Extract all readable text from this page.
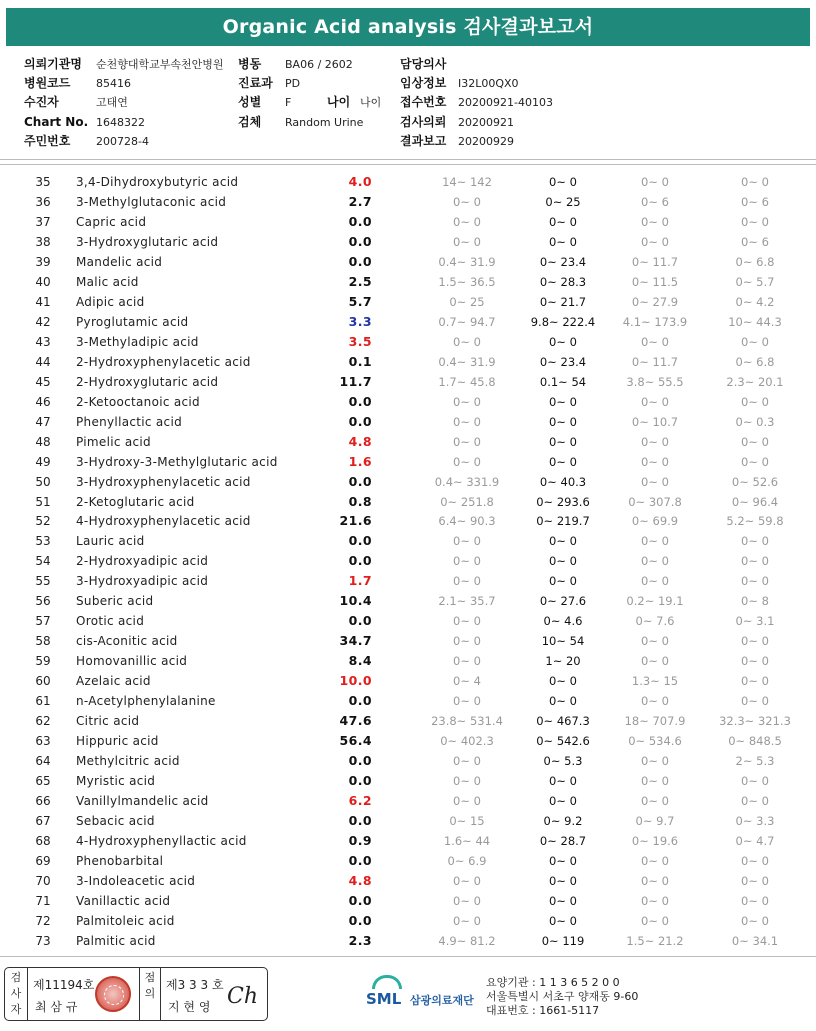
Organic Acid analysis 검사결과보고서
의뢰기관명 순천향대학교부속천안병원
병원코드 85416
수진자	고태연
Chart No. 1648322
주민번호 200728-4
병동 BA06 / 2602
진료과 PD
성별 F	나이 나이
검체 Random Urine
담당의사
임상정보 I32L00QX0
접수번호 20200921-40103
검사의뢰 20200921
결과보고 20200929
35	3,4-Dihydroxybutyric acid	4.0	14~ 142	0~ 0	0~ 0	0~ 0
36	3-Methylglutaconic acid	2.7	0~ 0	0~ 25	0~ 6	0~ 6
37	Capric acid	0.0	0~ 0	0~ 0	0~ 0	0~ 0
38	3-Hydroxyglutaric acid	0.0	0~ 0	0~ 0	0~ 0	0~ 6
39	Mandelic acid	0.0	0.4~ 31.9	0~ 23.4	0~ 11.7	0~ 6.8
40	Malic acid	2.5	1.5~ 36.5	0~ 28.3	0~ 11.5	0~ 5.7
41	Adipic acid	5.7	0~ 25	0~ 21.7	0~ 27.9	0~ 4.2
42	Pyroglutamic acid	3.3	0.7~ 94.7	9.8~ 222.4	4.1~ 173.9	10~ 44.3
43	3-Methyladipic acid	3.5	0~ 0	0~ 0	0~ 0	0~ 0
44	2-Hydroxyphenylacetic acid	0.1	0.4~ 31.9	0~ 23.4	0~ 11.7	0~ 6.8
45	2-Hydroxyglutaric acid	11.7	1.7~ 45.8	0.1~ 54	3.8~ 55.5	2.3~ 20.1
46	2-Ketooctanoic acid	0.0	0~ 0	0~ 0	0~ 0	0~ 0
47	Phenyllactic acid	0.0	0~ 0	0~ 0	0~ 10.7	0~ 0.3
48	Pimelic acid	4.8	0~ 0	0~ 0	0~ 0	0~ 0
49	3-Hydroxy-3-Methylglutaric acid	1.6	0~ 0	0~ 0	0~ 0	0~ 0
50	3-Hydroxyphenylacetic acid	0.0	0.4~ 331.9	0~ 40.3	0~ 0	0~ 52.6
51	2-Ketoglutaric acid	0.8	0~ 251.8	0~ 293.6	0~ 307.8	0~ 96.4
52	4-Hydroxyphenylacetic acid	21.6	6.4~ 90.3	0~ 219.7	0~ 69.9	5.2~ 59.8
53	Lauric acid	0.0	0~ 0	0~ 0	0~ 0	0~ 0
54	2-Hydroxyadipic acid	0.0	0~ 0	0~ 0	0~ 0	0~ 0
55	3-Hydroxyadipic acid	1.7	0~ 0	0~ 0	0~ 0	0~ 0
56	Suberic acid	10.4	2.1~ 35.7	0~ 27.6	0.2~ 19.1	0~ 8
57	Orotic acid	0.0	0~ 0	0~ 4.6	0~ 7.6	0~ 3.1
58	cis-Aconitic acid	34.7	0~ 0	10~ 54	0~ 0	0~ 0
59	Homovanillic acid	8.4	0~ 0	1~ 20	0~ 0	0~ 0
60	Azelaic acid	10.0	0~ 4	0~ 0	1.3~ 15	0~ 0
61	n-Acetylphenylalanine	0.0	0~ 0	0~ 0	0~ 0	0~ 0
62	Citric acid	47.6	23.8~ 531.4	0~ 467.3	18~ 707.9	32.3~ 321.3
63	Hippuric acid	56.4	0~ 402.3	0~ 542.6	0~ 534.6	0~ 848.5
64	Methylcitric acid	0.0	0~ 0	0~ 5.3	0~ 0	2~ 5.3
65	Myristic acid	0.0	0~ 0	0~ 0	0~ 0	0~ 0
66	Vanillylmandelic acid	6.2	0~ 0	0~ 0	0~ 0	0~ 0
67	Sebacic acid	0.0	0~ 15	0~ 9.2	0~ 9.7	0~ 3.3
68	4-Hydroxyphenyllactic acid	0.9	1.6~ 44	0~ 28.7	0~ 19.6	0~ 4.7
69	Phenobarbital	0.0	0~ 6.9	0~ 0	0~ 0	0~ 0
70	3-Indoleacetic acid	4.8	0~ 0	0~ 0	0~ 0	0~ 0
71	Vanillactic acid	0.0	0~ 0	0~ 0	0~ 0	0~ 0
72	Palmitoleic acid	0.0	0~ 0	0~ 0	0~ 0	0~ 0
73	Palmitic acid	2.3	4.9~ 81.2	0~ 119	1.5~ 21.2	0~ 34.1
검사자
제11194호
최 삼 규
점의
제3 3 3 호
지 현 영 Ch	SML 삼광의료재단
요양기관 : 1 1 3 6 5 2 0 0
서울특별시 서초구 양재동 9-60
대표번호 : 1661-5117
